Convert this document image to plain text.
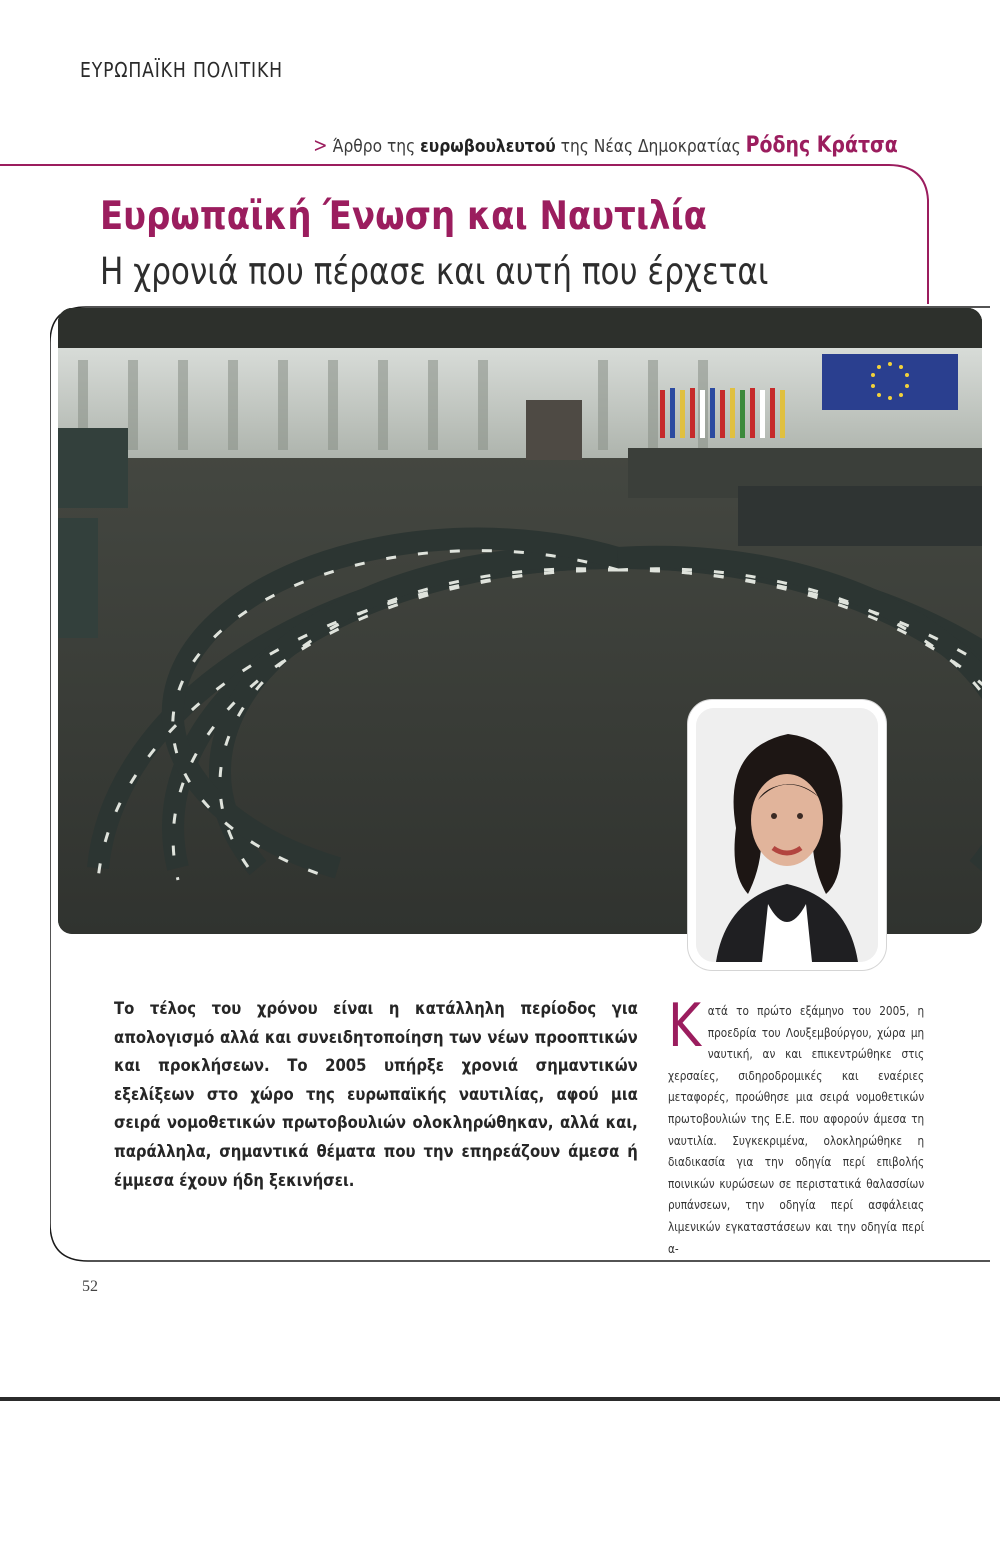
ΕΥΡΩΠΑΪΚΗ ΠΟΛΙΤΙΚΗ
> Άρθρο της ευρωβουλευτού της Νέας Δημοκρατίας Ρόδης Κράτσα
Ευρωπαϊκή Ένωση και Ναυτιλία
Η χρονιά που πέρασε και αυτή που έρχεται

Το τέλος του χρόνου είναι η κατάλληλη περίοδος για απολογισμό αλλά και συνειδητοποίηση των νέων προοπτικών και προκλήσεων. Το 2005 υπήρξε χρονιά σημαντικών εξελίξεων στο χώρο της ευρωπαϊκής ναυτιλίας, αφού μια σειρά νομοθετικών πρωτοβουλιών ολοκληρώθηκαν, αλλά και, παράλληλα, σημαντικά θέματα που την επηρεάζουν άμεσα ή έμμεσα έχουν ήδη ξεκινήσει.

Κατά το πρώτο εξάμηνο του 2005, η προεδρία του Λουξεμβούργου, χώρα μη ναυτική, αν και επικεντρώθηκε στις χερσαίες, σιδηροδρομικές και εναέριες μεταφορές, προώθησε μια σειρά νομοθετικών πρωτοβουλιών της Ε.Ε. που αφορούν άμεσα τη ναυτιλία. Συγκεκριμένα, ολοκληρώθηκε η διαδικασία για την οδηγία περί επιβολής ποινικών κυρώσεων σε περιστατικά θαλασσίων ρυπάνσεων, την οδηγία περί ασφάλειας λιμενικών εγκαταστάσεων και την οδηγία περί α-

52
